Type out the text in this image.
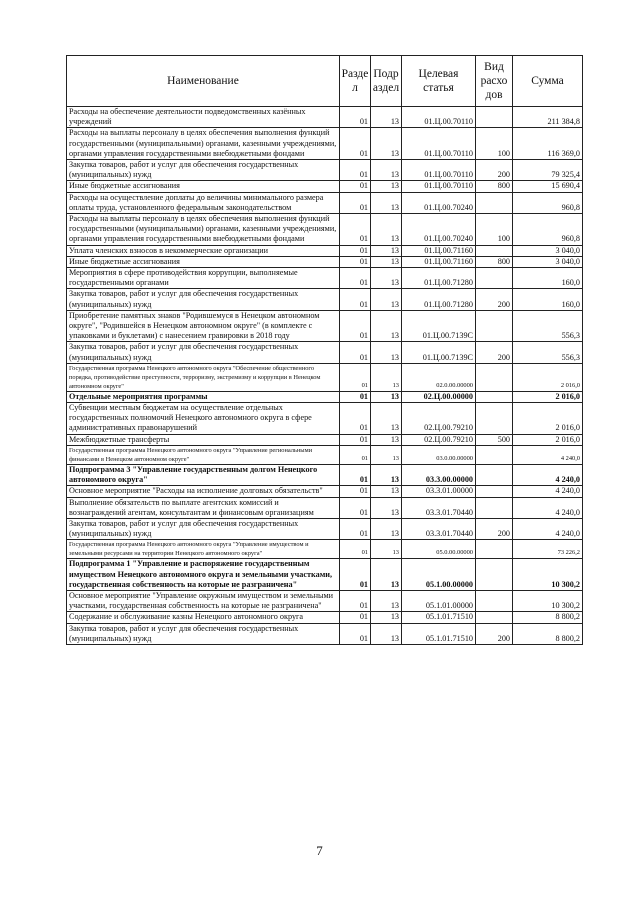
Наименование	Разде л	Подр аздел	Целевая статья	Вид расхо дов	Сумма
Расходы на обеспечение деятельности подведомственных казённых учреждений	01	13	01.Ц.00.70110		211 384,8
Расходы на выплаты персоналу в целях обеспечения выполнения функций государственными (муниципальными) органами, казенными учреждениями, органами управления государственными внебюджетными фондами	01	13	01.Ц.00.70110	100	116 369,0
Закупка товаров, работ и услуг для обеспечения государственных (муниципальных) нужд	01	13	01.Ц.00.70110	200	79 325,4
Иные бюджетные ассигнования	01	13	01.Ц.00.70110	800	15 690,4
Расходы на осуществление доплаты до величины минимального размера оплаты труда, установленного федеральным законодательством	01	13	01.Ц.00.70240		960,8
Расходы на выплаты персоналу в целях обеспечения выполнения функций государственными (муниципальными) органами, казенными учреждениями, органами управления государственными внебюджетными фондами	01	13	01.Ц.00.70240	100	960,8
Уплата членских взносов в некоммерческие организации	01	13	01.Ц.00.71160		3 040,0
Иные бюджетные ассигнования	01	13	01.Ц.00.71160	800	3 040,0
Мероприятия в сфере противодействия коррупции, выполняемые государственными органами	01	13	01.Ц.00.71280		160,0
Закупка товаров, работ и услуг для обеспечения государственных (муниципальных) нужд	01	13	01.Ц.00.71280	200	160,0
Приобретение памятных знаков "Родившемуся в Ненецком автономном округе", "Родившейся в Ненецком автономном округе" (в комплекте с упаковками и буклетами) с нанесением гравировки в 2018 году	01	13	01.Ц.00.7139С		556,3
Закупка товаров, работ и услуг для обеспечения государственных (муниципальных) нужд	01	13	01.Ц.00.7139С	200	556,3
Государственная программа Ненецкого автономного округа "Обеспечение общественного порядка, противодействие преступности, терроризму, экстремизму и коррупции в Ненецком автономном округе"	01	13	02.0.00.00000		2 016,0
Отдельные мероприятия программы	01	13	02.Ц.00.00000		2 016,0
Субвенции местным бюджетам на осуществление отдельных государственных полномочий Ненецкого автономного округа в сфере административных правонарушений	01	13	02.Ц.00.79210		2 016,0
Межбюджетные трансферты	01	13	02.Ц.00.79210	500	2 016,0
Государственная программа Ненецкого автономного округа "Управление региональными финансами в Ненецком автономном округе"	01	13	03.0.00.00000		4 240,0
Подпрограмма 3 "Управление государственным долгом Ненецкого автономного округа"	01	13	03.3.00.00000		4 240,0
Основное мероприятие "Расходы на исполнение долговых обязательств"	01	13	03.3.01.00000		4 240,0
Выполнение обязательств по выплате агентских комиссий и вознаграждений агентам, консультантам и финансовым организациям	01	13	03.3.01.70440		4 240,0
Закупка товаров, работ и услуг для обеспечения государственных (муниципальных) нужд	01	13	03.3.01.70440	200	4 240,0
Государственная программа Ненецкого автономного округа "Управление имуществом и земельными ресурсами на территории Ненецкого автономного округа"	01	13	05.0.00.00000		73 226,2
Подпрограмма 1 "Управление и распоряжение государственным имуществом Ненецкого автономного округа и земельными участками, государственная собственность на которые не разграничена"	01	13	05.1.00.00000		10 300,2
Основное мероприятие "Управление окружным имуществом и земельными участками, государственная собственность на которые не разграничена"	01	13	05.1.01.00000		10 300,2
Содержание и обслуживание казны Ненецкого автономного округа	01	13	05.1.01.71510		8 800,2
Закупка товаров, работ и услуг для обеспечения государственных (муниципальных) нужд	01	13	05.1.01.71510	200	8 800,2
7
